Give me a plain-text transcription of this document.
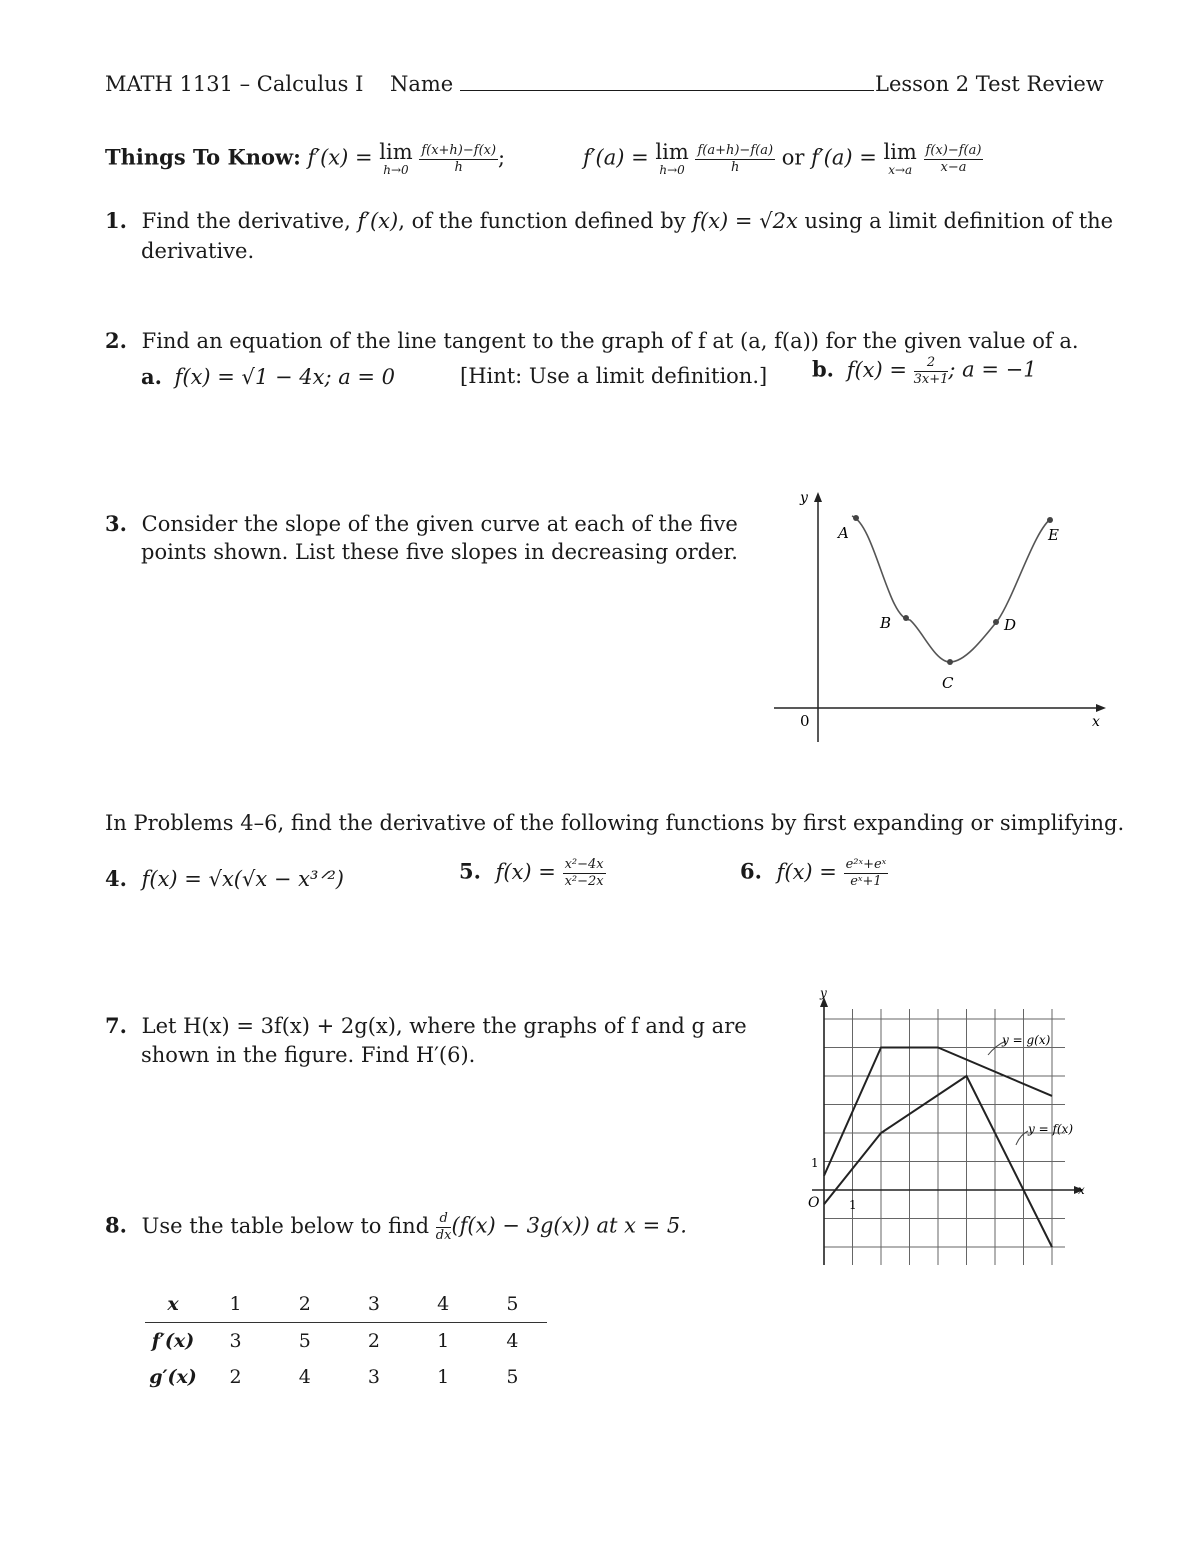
MATH 1131 – Calculus I Name	Lesson 2 Test Review
Things To Know: f′(x) = lim
h→0
$\frac{f(x+h)-f(x)}{h}$ ;	f′(a) = lim
h→0
$\frac{f(a+h)-f(a)}{h}$ or f′(a) = lim
x→a
$\frac{f(x)-f(a)}{x-a}$
1. Find the derivative, f′(x), of the function defined by f(x) = √2x using a limit definition of the
derivative.
2. Find an equation of the line tangent to the graph of f at (a, f(a)) for the given value of a.
a. f(x) = √1 − 4x; a = 0	[Hint: Use a limit definition.] b. $f(x) = \frac{2}{3x+1}$ ; a = −1
3. Consider the slope of the given curve at each of the five
points shown. List these five slopes in decreasing order.
y
x
0
A
B
C
D
E
In Problems 4–6, find the derivative of the following functions by first expanding or simplifying.
4. f(x) = √x(√x − x³ᐟ²)	5. $f(x) = \frac{\text{x²−4x}}{\text{x²−2x}}$	6. $f(x) = \frac{\text{e²ˣ+eˣ}}{\text{eˣ+1}}$
7. Let H(x) = 3f(x) + 2g(x), where the graphs of f and g are
shown in the figure. Find H′(6).
y
x
O 1
1
y = g(x)
y = f(x)
8. Use the table below to find $\frac{d}{dx} (f(x) - 3g(x))$ at x = 5.
x	1	2	3	4	5
f′(x)	3	5	2	1	4
g′(x)	2	4	3	1	5
